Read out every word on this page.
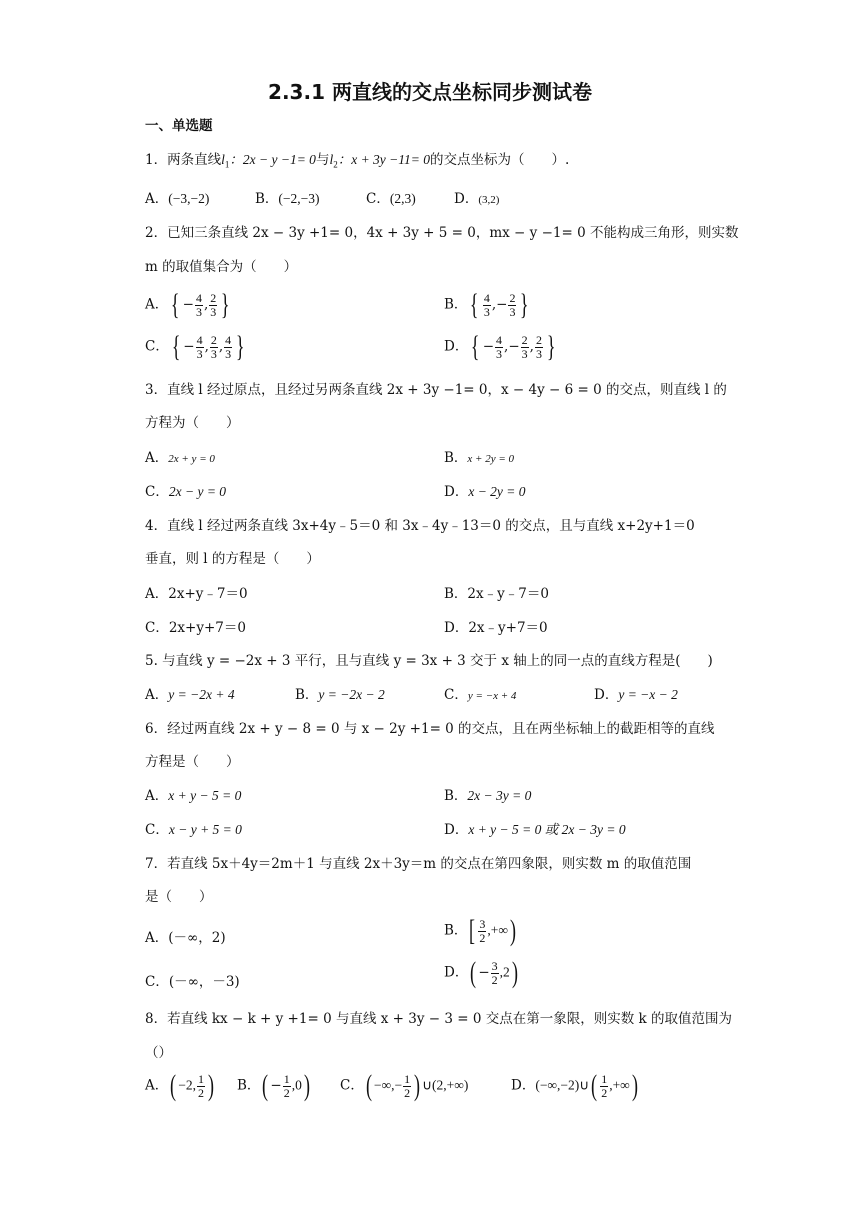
2.3.1 两直线的交点坐标同步测试卷
一、单选题
1．两条直线$l_1$：2x − y −1= 0与$l_2$：x + 3y −11= 0的交点坐标为（　　）.
A．(−3,−2)	B．(−2,−3)	C．(2,3)	D．(3,2)
2．已知三条直线 2x − 3y +1= 0，4x + 3y + 5 = 0，mx − y −1= 0 不能构成三角形，则实数
m 的取值集合为（　　）
A．{ − $\frac{4}{3}$ , $\frac{2}{3}$ }	B．{ $\frac{4}{3}$ ,− $\frac{2}{3}$ }
C．{ − $\frac{4}{3}$ , $\frac{2}{3}$ , $\frac{4}{3}$ }	D．{ − $\frac{4}{3}$ ,− $\frac{2}{3}$ , $\frac{2}{3}$ }
3．直线 l 经过原点，且经过另两条直线 2x + 3y −1= 0，x − 4y − 6 = 0 的交点，则直线 l 的
方程为（　　）
A．2x + y = 0	B．x + 2y = 0
C．2x − y = 0	D．x − 2y = 0
4．直线 l 经过两条直线 3x+4y﹣5＝0 和 3x﹣4y﹣13＝0 的交点，且与直线 x+2y+1＝0
垂直，则 l 的方程是（　　）
A．2x+y﹣7＝0	B．2x﹣y﹣7＝0
C．2x+y+7＝0	D．2x﹣y+7＝0
5. 与直线 y = −2x + 3 平行，且与直线 y = 3x + 3 交于 x 轴上的同一点的直线方程是(　　)
A．y = −2x + 4	B．y = −2x − 2	C．y = −x + 4	D．y = −x − 2
6．经过两直线 2x + y − 8 = 0 与 x − 2y +1= 0 的交点，且在两坐标轴上的截距相等的直线
方程是（　　）
A．x + y − 5 = 0	B．2x − 3y = 0
C．x − y + 5 = 0	D．x + y − 5 = 0 或 2x − 3y = 0
7．若直线 5x＋4y＝2m＋1 与直线 2x＋3y＝m 的交点在第四象限，则实数 m 的取值范围
是（　　）
A．(－∞，2)	B．[ $\frac{3}{2}$ ,+∞)
C．(－∞，－3)
D．( − $\frac{3}{2} ,2$)
8．若直线 kx − k + y +1= 0 与直线 x + 3y − 3 = 0 交点在第一象限，则实数 k 的取值范围为
（）
A．( −2, $\frac{1}{2}$ ) B．( − $\frac{1}{2} ,0$) C．( −∞,− $\frac{1}{2}$ ) ∪(2,+∞)	D．(−∞,−2)∪( $\frac{1}{2}$ ,+∞)
